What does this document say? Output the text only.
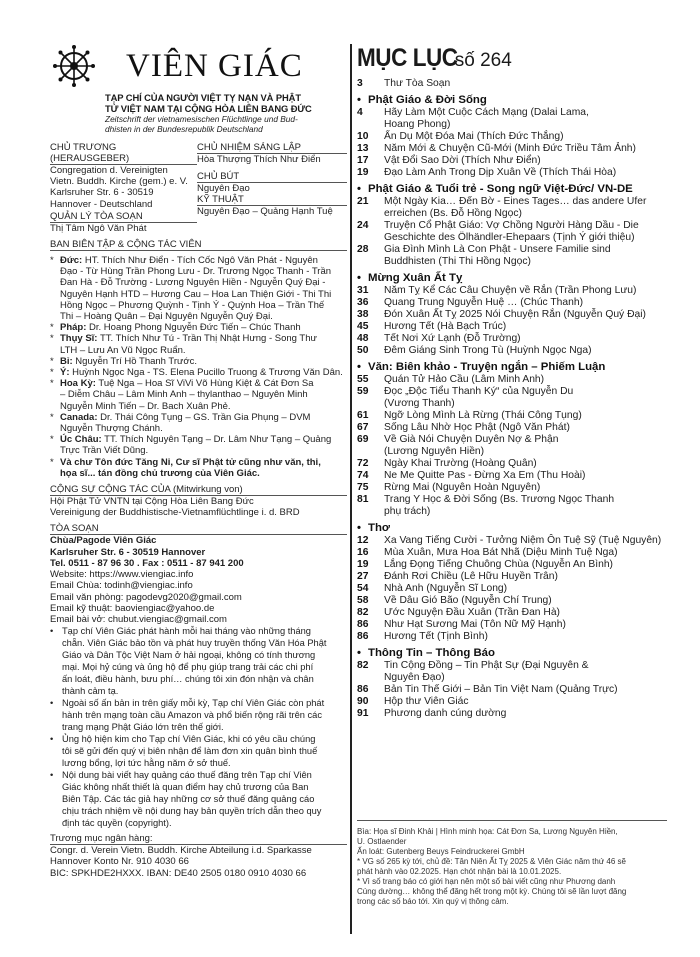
VIÊN GIÁC
TẠP CHÍ CỦA NGƯỜI VIỆT TỴ NẠN VÀ PHẬT
TỬ VIỆT NAM TẠI CỘNG HÒA LIÊN BANG ĐỨC
Zeitschrift der vietnamesischen Flüchtlinge und Bud-
dhisten in der Bundesrepublik Deutschland
CHỦ TRƯƠNG (HERAUSGEBER)
Congregation d. Vereinigten
Vietn. Buddh. Kirche (gem.) e. V.
Karlsruher Str. 6 - 30519
Hannover - Deutschland
QUẢN LÝ TÒA SOẠN
Thị Tâm Ngô Văn Phát
CHỦ NHIỆM SÁNG LẬP
Hòa Thượng Thích Như Điển
CHỦ BÚT
Nguyên Đạo
KỸ THUẬT
Nguyên Đạo – Quảng Hạnh Tuệ
BAN BIÊN TẬP & CỘNG TÁC VIÊN
* Đức: HT. Thích Như Điển - Tích Cốc Ngô Văn Phát - Nguyên
Đạo - Từ Hùng Trần Phong Lưu - Dr. Trương Ngọc Thanh - Trần
Đan Hà - Đỗ Trường - Lương Nguyên Hiền - Nguyễn Quý Đại -
Nguyên Hạnh HTD – Hương Cau – Hoa Lan Thiện Giới - Thi Thi
Hồng Ngọc – Phương Quỳnh - Tịnh Ý - Quỳnh Hoa – Trần Thế
Thi – Hoàng Quân – Đại Nguyên Nguyễn Quý Đại.
* Pháp: Dr. Hoang Phong Nguyễn Đức Tiến – Chúc Thanh
* Thụy Sĩ: TT. Thích Như Tú - Trần Thị Nhật Hưng - Song Thư
LTH – Lưu An Vũ Ngọc Ruẩn.
* Bỉ: Nguyễn Trí Hồ Thanh Trước.
* Ý: Huỳnh Ngọc Nga - TS. Elena Pucillo Truong & Trương Văn Dân.
* Hoa Kỳ: Tuệ Nga – Hoa Sĩ ViVi Võ Hùng Kiệt & Cát Đơn Sa
– Diễm Châu – Lâm Minh Anh – thylanthao – Nguyên Minh
Nguyễn Minh Tiến – Dr. Bach Xuân Phẻ.
* Canada: Dr. Thái Công Tụng – GS. Trần Gia Phụng – DVM
Nguyễn Thượng Chánh.
* Úc Châu: TT. Thích Nguyên Tạng – Dr. Lâm Như Tạng – Quảng
Trực Trần Viết Dũng.
* Và chư Tôn đức Tăng Ni, Cư sĩ Phật tử cũng như văn, thi,
họa sĩ... tán đồng chủ trương của Viên Giác.
CỘNG SỰ CỘNG TÁC CỦA (Mitwirkung von)
Hội Phật Tử VNTN tại Cộng Hòa Liên Bang Đức
Vereinigung der Buddhistische-Vietnamflüchtlinge i. d. BRD
TÒA SOẠN
Chùa/Pagode Viên Giác
Karlsruher Str. 6 - 30519 Hannover
Tel. 0511 - 87 96 30 . Fax : 0511 - 87 941 200
Website: https://www.viengiac.info
Email Chùa: todinh@viengiac.info
Email văn phòng: pagodevg2020@gmail.com
Email kỹ thuật: baoviengiac@yahoo.de
Email bài vở: chubut.viengiac@gmail.com
• Tạp chí Viên Giác phát hành mỗi hai tháng vào những tháng
chẵn. Viên Giác bảo tồn và phát huy truyền thống Văn Hóa Phật
Giáo và Dân Tộc Việt Nam ở hải ngoại, không có tính thương
mại. Mọi hỷ cúng và ủng hộ để phụ giúp trang trải các chi phí
ấn loát, điều hành, bưu phí… chúng tôi xin đón nhận và chân
thành cảm tạ.
• Ngoài số ấn bản in trên giấy mỗi kỳ, Tạp chí Viên Giác còn phát
hành trên mạng toàn cầu Amazon và phổ biến rộng rãi trên các
trang mạng Phật Giáo lớn trên thế giới.
• Ủng hộ hiện kim cho Tạp chí Viên Giác, khi có yêu cầu chúng
tôi sẽ gửi đến quý vị biên nhận để làm đơn xin quân bình thuế
lương bổng, lợi tức hằng năm ở sở thuế.
• Nội dung bài viết hay quảng cáo thuế đăng trên Tạp chí Viên
Giác không nhất thiết là quan điểm hay chủ trương của Ban
Biên Tập. Các tác giả hay những cơ sở thuế đăng quảng cáo
chịu trách nhiệm về nội dung hay bản quyền trích dẫn theo quy
định tác quyền (copyright).
Trương mục ngân hàng:
Congr. d. Verein Vietn. Buddh. Kirche Abteilung i.d. Sparkasse
Hannover Konto Nr. 910 4030 66
BIC: SPKHDE2HXXX. IBAN: DE40 2505 0180 0910 4030 66
MỤC LỤC
số 264
3	Thư Tòa Soạn
• Phật Giáo & Đời Sống
4	Hãy Làm Một Cuộc Cách Mạng (Dalai Lama,
Hoang Phong)
10	Ẩn Dụ Một Đóa Mai (Thích Đức Thắng)
13	Năm Mới & Chuyện Cũ-Mới (Minh Đức Triều Tâm Ảnh)
17	Vật Đổi Sao Dời (Thích Như Điển)
19	Đạo Làm Anh Trong Dịp Xuân Về (Thích Thái Hòa)
• Phật Giáo & Tuổi trẻ - Song ngữ Việt-Đức/ VN-DE
21	Một Ngày Kia… Đến Bờ - Eines Tages… das andere Ufer
erreichen (Bs. Đỗ Hồng Ngọc)
24	Truyện Cổ Phật Giáo: Vợ Chồng Người Hàng Dầu - Die
Geschichte des Ölhändler-Ehepaars (Tịnh Ý giới thiệu)
28	Gia Đình Mình Là Con Phật - Unsere Familie sind
Buddhisten (Thi Thi Hồng Ngọc)
• Mừng Xuân Ất Tỵ
31	Năm Tỵ Kể Các Câu Chuyện về Rắn (Trần Phong Lưu)
36	Quang Trung Nguyễn Huệ … (Chúc Thanh)
38	Đón Xuân Ất Tỵ 2025 Nói Chuyện Rắn (Nguyễn Quý Đại)
45	Hương Tết (Hà Bạch Trúc)
48	Tết Nơi Xứ Lạnh (Đỗ Trường)
50	Đêm Giáng Sinh Trong Tù (Huỳnh Ngọc Nga)
• Văn: Biên khảo - Truyện ngắn – Phiếm Luận
55	Quán Tử Hảo Cầu (Lâm Minh Anh)
59	Đọc „Độc Tiểu Thanh Ký“ của Nguyễn Du
(Vương Thanh)
61	Ngỡ Lòng Mình Là Rừng (Thái Công Tụng)
67	Sống Lâu Nhờ Học Phật (Ngô Văn Phát)
69	Về Già Nói Chuyện Duyên Nợ & Phận
(Lương Nguyên Hiền)
72	Ngày Khai Trường (Hoàng Quân)
74	Ne Me Quitte Pas - Đừng Xa Em (Thu Hoài)
75	Rừng Mai (Nguyên Hoàn Nguyên)
81	Trang Y Học & Đời Sống (Bs. Trương Ngọc Thanh
phụ trách)
• Thơ
12	Xa Vang Tiếng Cười - Tưởng Niệm Ôn Tuệ Sỹ (Tuệ Nguyên)
16	Mùa Xuân, Mưa Hoa Bát Nhã (Diệu Minh Tuệ Nga)
19	Lắng Đọng Tiếng Chuông Chùa (Nguyễn An Bình)
27	Đánh Rơi Chiều (Lê Hữu Huyền Trân)
54	Nhà Anh (Nguyễn Sĩ Long)
58	Về Dâu Gió Bão (Nguyễn Chí Trung)
82	Ước Nguyện Đầu Xuân (Trần Đan Hà)
86	Như Hạt Sương Mai (Tôn Nữ Mỹ Hạnh)
86	Hương Tết (Tịnh Bình)
• Thông Tin – Thông Báo
82	Tin Cộng Đồng – Tin Phật Sự (Đại Nguyên &
Nguyên Đạo)
86	Bản Tin Thế Giới – Bản Tin Việt Nam (Quảng Trực)
90	Hộp thư Viên Giác
91	Phương danh cúng dường
Bìa: Họa sĩ Đinh Khải | Hình minh họa: Cát Đơn Sa, Lương Nguyên Hiền,
U. Ostlaender
Ấn loát: Gutenberg Beuys Feindruckerei GmbH
* VG số 265 kỳ tới, chủ đề: Tân Niên Ất Tỵ 2025 & Viên Giác năm thứ 46 sẽ
phát hành vào 02.2025. Hạn chót nhận bài là 10.01.2025.
* Vì số trang báo có giới hạn nên một số bài viết cũng như Phương danh
Cúng dường… không thể đăng hết trong một kỳ. Chúng tôi sẽ lần lượt đăng
trong các số báo tới. Xin quý vị thông cảm.
